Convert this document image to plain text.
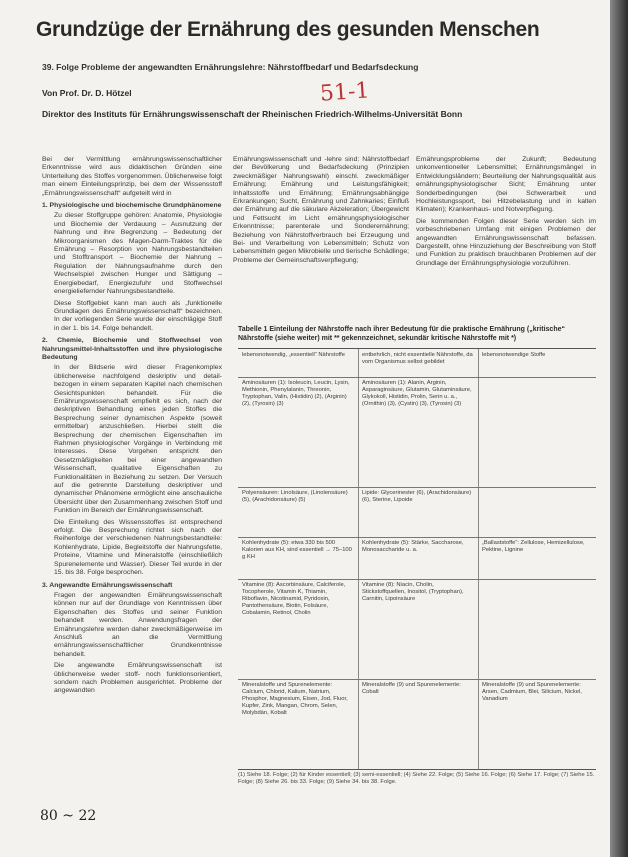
Grundzüge der Ernährung des gesunden Menschen
39. Folge Probleme der angewandten Ernährungslehre: Nährstoffbedarf und Bedarfsdeckung
Von Prof. Dr. D. Hötzel	51-1
Direktor des Instituts für Ernährungswissenschaft der Rheinischen Friedrich-Wilhelms-Universität Bonn

Bei der Vermittlung ernährungswissenschaftlicher Erkenntnisse wird aus didaktischen Gründen eine Unterteilung des Stoffes vorgenommen. Üblicherweise folgt man einem Einteilungsprinzip, bei dem der Wissensstoff „Ernährungswissenschaft“ aufgeteilt wird in

1. Physiologische und biochemische Grundphänomene

Zu dieser Stoffgruppe gehören: Anatomie, Physiologie und Biochemie der Verdauung – Ausnutzung der Nahrung und ihre Begrenzung – Bedeutung der Mikroorganismen des Magen-Darm-Traktes für die Ernährung – Resorption von Nahrungsbestandteilen und Stofftransport – Biochemie der Nahrung – Regulation der Nahrungsaufnahme durch den Wechselspiel zwischen Hunger und Sättigung – Energiebedarf, Energiezufuhr und Stoffwechsel energieliefernder Nahrungsbestandteile.

Diese Stoffgebiet kann man auch als „funktionelle Grundlagen des Ernährungswissenschaft“ bezeichnen. In der vorliegenden Serie wurde der einschlägige Stoff in der 1. bis 14. Folge behandelt.

2. Chemie, Biochemie und Stoffwechsel von Nahrungsmittel-Inhaltsstoffen und ihre physiologische Bedeutung

In der Bildserie wird dieser Fragenkomplex üblicherweise nachfolgend deskriptiv und detail-bezogen in einem separaten Kapitel nach chemischen Gesichtspunkten behandelt. Für die Ernährungswissenschaft empfiehlt es sich, nach der deskriptiven Behandlung eines jeden Stoffes die Besprechung seiner dynamischen Aspekte (soweit ermittelbar) anzuschließen. Hierbei stellt die Besprechung der chemischen Eigenschaften im Rahmen physiologischer Vorgänge in Verbindung mit Interesses. Diese Vorgehen entspricht den Gesetzmäßigkeiten bei einer angewandten Wissenschaft, qualitative Eigenschaften zu Funktionalitäten in Beziehung zu setzen. Der Versuch auf die getrennte Darstellung deskriptiver und dynamischer Phänomene ermöglicht eine anschauliche Übersicht über den Zusammenhang zwischen Stoff und Funktion im Bereich der Ernährungswissenschaft.

Die Einteilung des Wissensstoffes ist entsprechend erfolgt. Die Besprechung richtet sich nach der Reihenfolge der verschiedenen Nahrungsbestandteile: Kohlenhydrate, Lipide, Begleitstoffe der Nahrungsfette, Proteine, Vitamine und Mineralstoffe (einschließlich Spurenelemente und Wasser). Dieser Teil wurde in der 15. bis 38. Folge besprochen.

3. Angewandte Ernährungswissenschaft

Fragen der angewandten Ernährungswissenschaft können nur auf der Grundlage von Kenntnissen über Eigenschaften des Stoffes und seiner Funktion behandelt werden. Anwendungsfragen der Ernährungslehre werden daher zweckmäßigerweise im Anschluß an die Vermittlung ernährungswissenschaftlicher Grundkenntnisse behandelt.

Die angewandte Ernährungswissenschaft ist üblicherweise weder stoff- noch funktionsorientiert, sondern nach Problemen ausgerichtet. Probleme der angewandten

Ernährungswissenschaft und -lehre sind: Nährstoffbedarf der Bevölkerung und Bedarfsdeckung (Prinzipien zweckmäßiger Nahrungswahl) einschl. zweckmäßiger Ernährung; Ernährung und Leistungsfähigkeit; Inhaltsstoffe und Ernährung; Ernährungsabhängige Erkrankungen; Sucht, Ernährung und Zahnkaries; Einfluß der Ernährung auf die säkulare Akzeleration; Übergewicht und Fettsucht im Licht ernährungsphysiologischer Erkenntnisse; parenterale und Sonderernährung; Beziehung von Nährstoffverbrauch bei Erzeugung und Bei- und Verarbeitung von Lebensmitteln; Schutz von Lebensmitteln gegen Mikrobielle und tierische Schädlinge; Probleme der Gemeinschaftsverpflegung;

Ernährungsprobleme der Zukunft; Bedeutung unkonventioneller Lebensmittel; Ernährungsmängel in Entwicklungsländern; Beurteilung der Nahrungsqualität aus ernährungsphysiologischer Sicht; Ernährung unter Sonderbedingungen (bei Schwerarbeit und Hochleistungssport, bei Hitzebelastung und in kalten Klimaten); Krankenhaus- und Notverpflegung.

Die kommenden Folgen dieser Serie werden sich im vorbeschriebenen Umfang mit einigen Problemen der angewandten Ernährungswissenschaft befassen. Dargestellt, ohne Hinzuziehung der Beschreibung von Stoff und Funktion zu praktisch brauchbaren Problemen auf der Grundlage der Ernährungsphysiologie vorzuführen.

Tabelle 1 Einteilung der Nährstoffe nach ihrer Bedeutung für die praktische Ernährung („kritische“ Nährstoffe (siehe weiter) mit ** gekennzeichnet, sekundär kritische Nährstoffe mit *)
lebensnotwendig, „essentiell“ Nährstoffe	entbehrlich, nicht essentielle Nährstoffe, da vom Organismus selbst gebildet
lebensnotwendige Stoffe
Aminosäuren (1): Isoleucin, Leucin, Lysin, Methionin, Phenylalanin, Threonin, Tryptophan, Valin, (Histidin) (2), (Arginin) (2), (Tyrosin) (3)
Aminosäuren (1): Alanin, Arginin, Asparaginsäure, Glutamin, Glutaminsäure, Glykokoll, Histidin, Prolin, Serin u. a., (Ornithin) (3), (Cystin) (3), (Tyrosin) (3)
Polyensäuren: Linolsäure, (Linolensäure) (5), (Arachidonsäure) (5)
Lipide: Glycerinester (6), (Arachidonsäure) (6), Sterine, Lipoide
Kohlenhydrate (5): etwa 330 bis 500 Kalorien aus KH, sind essentiell → 75–100 g KH
Kohlenhydrate (5): Stärke, Saccharose, Monosaccharide u. a.
„Ballaststoffe“: Zellulose, Hemizellulose, Pektine, Lignine
Vitamine (8): Ascorbinsäure, Calciferole, Tocopherole, Vitamin K, Thiamin, Riboflavin, Nicotinamid, Pyridoxin, Pantothensäure, Biotin, Folsäure, Cobalamin, Retinol, Cholin
Vitamine (8): Niacin, Cholin, Stickstoffquellen, Inositol, (Tryptophan), Carnitin, Lipoinsäure
Mineralstoffe und Spurenelemente: Calcium, Chlorid, Kalium, Natrium, Phosphor, Magnesium, Eisen, Jod, Fluor, Kupfer, Zink, Mangan, Chrom, Selen, Molybdän, Kobalt
Mineralstoffe (9) und Spurenelemente: Cobalt
Mineralstoffe (9) und Spurenelemente: Arsen, Cadmium, Blei, Silicium, Nickel, Vanadium
(1) Siehe 18. Folge; (2) für Kinder essentiell; (3) semi-essentiell; (4) Siehe 22. Folge; (5) Siehe 16. Folge; (6) Siehe 17. Folge; (7) Siehe 15. Folge; (8) Siehe 26. bis 33. Folge; (9) Siehe 34. bis 38. Folge.
80 ~ 22
